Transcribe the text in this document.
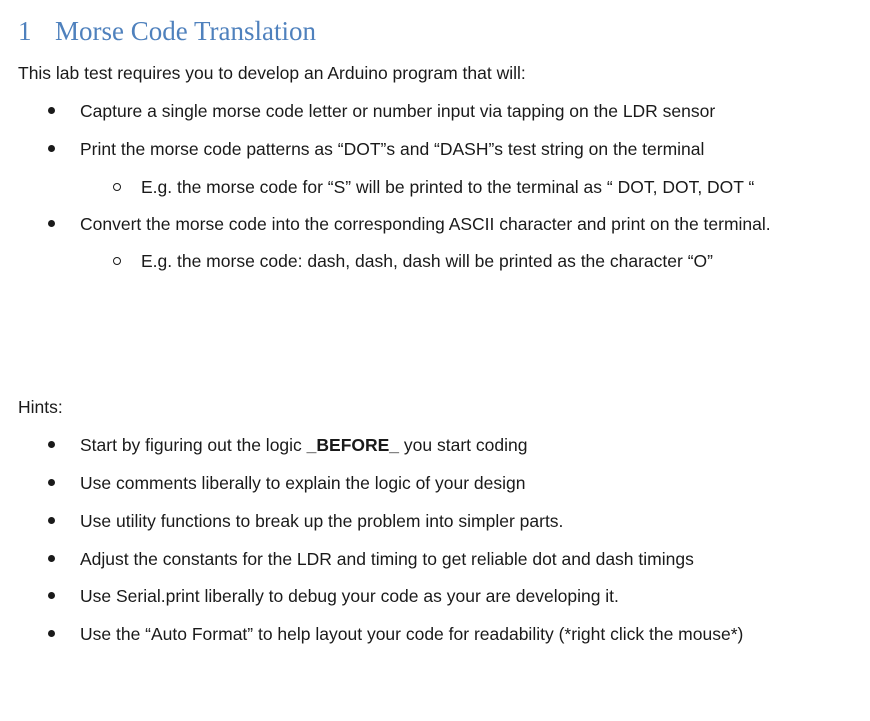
1 Morse Code Translation
This lab test requires you to develop an Arduino program that will:
Capture a single morse code letter or number input via tapping on the LDR sensor
Print the morse code patterns as “DOT”s and “DASH”s test string on the terminal
E.g. the morse code for “S” will be printed to the terminal as “ DOT, DOT, DOT “
Convert the morse code into the corresponding ASCII character and print on the terminal.
E.g. the morse code: dash, dash, dash will be printed as the character “O”
Hints:
Start by figuring out the logic _BEFORE_ you start coding
Use comments liberally to explain the logic of your design
Use utility functions to break up the problem into simpler parts.
Adjust the constants for the LDR and timing to get reliable dot and dash timings
Use Serial.print liberally to debug your code as your are developing it.
Use the “Auto Format” to help layout your code for readability (*right click the mouse*)
